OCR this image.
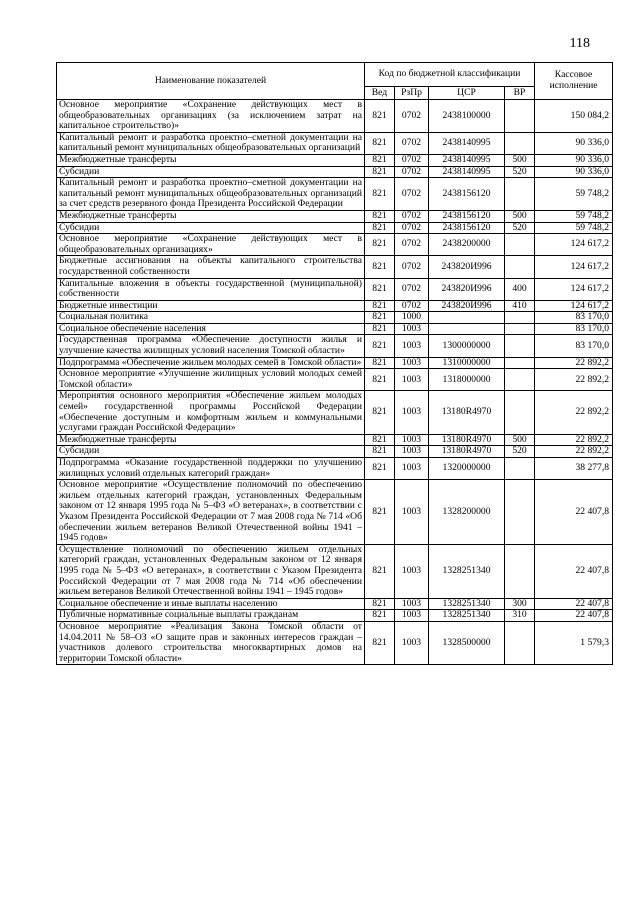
118
Наименование показателей	Код по бюджетной классификации				Кассовое исполнение
	Вед	РзПр	ЦСР	ВР	
Основное мероприятие «Сохранение действующих мест в общеобразовательных организациях (за исключением затрат на капитальное строительство)»	821	0702	2438100000		150 084,2
Капитальный ремонт и разработка проектно–сметной документации на капитальный ремонт муниципальных общеобразовательных организаций	821	0702	2438140995		90 336,0
Межбюджетные трансферты	821	0702	2438140995	500	90 336,0
Субсидии	821	0702	2438140995	520	90 336,0
Капитальный ремонт и разработка проектно–сметной документации на капитальный ремонт муниципальных общеобразовательных организаций за счет средств резервного фонда Президента Российской Федерации	821	0702	2438156120		59 748,2
Межбюджетные трансферты	821	0702	2438156120	500	59 748,2
Субсидии	821	0702	2438156120	520	59 748,2
Основное мероприятие «Сохранение действующих мест в общеобразовательных организациях»	821	0702	2438200000		124 617,2
Бюджетные ассигнования на объекты капитального строительства государственной собственности	821	0702	243820И996		124 617,2
Капитальные вложения в объекты государственной (муниципальной) собственности	821	0702	243820И996	400	124 617,2
Бюджетные инвестиции	821	0702	243820И996	410	124 617,2
Социальная политика	821	1000			83 170,0
Социальное обеспечение населения	821	1003			83 170,0
Государственная программа «Обеспечение доступности жилья и улучшение качества жилищных условий населения Томской области»	821	1003	1300000000		83 170,0
Подпрограмма «Обеспечение жильем молодых семей в Томской области»	821	1003	1310000000		22 892,2
Основное мероприятие «Улучшение жилищных условий молодых семей Томской области»	821	1003	1318000000		22 892,2
Мероприятия основного мероприятия «Обеспечение жильем молодых семей» государственной программы Российской Федерации «Обеспечение доступным и комфортным жильем и коммунальными услугами граждан Российской Федерации»	821	1003	13180R4970		22 892,2
Межбюджетные трансферты	821	1003	13180R4970	500	22 892,2
Субсидии	821	1003	13180R4970	520	22 892,2
Подпрограмма «Оказание государственной поддержки по улучшению жилищных условий отдельных категорий граждан»	821	1003	1320000000		38 277,8
Основное мероприятие «Осуществление полномочий по обеспечению жильем отдельных категорий граждан, установленных Федеральным законом от 12 января 1995 года № 5–ФЗ «О ветеранах», в соответствии с Указом Президента Российской Федерации от 7 мая 2008 года № 714 «Об обеспечении жильем ветеранов Великой Отечественной войны 1941 – 1945 годов»	821	1003	1328200000		22 407,8
Осуществление полномочий по обеспечению жильем отдельных категорий граждан, установленных Федеральным законом от 12 января 1995 года № 5–ФЗ «О ветеранах», в соответствии с Указом Президента Российской Федерации от 7 мая 2008 года № 714 «Об обеспечении жильем ветеранов Великой Отечественной войны 1941 – 1945 годов»	821	1003	1328251340		22 407,8
Социальное обеспечение и иные выплаты населению	821	1003	1328251340	300	22 407,8
Публичные нормативные социальные выплаты гражданам	821	1003	1328251340	310	22 407,8
Основное мероприятие «Реализация Закона Томской области от 14.04.2011 № 58–ОЗ «О защите прав и законных интересов граждан – участников долевого строительства многоквартирных домов на территории Томской области»	821	1003	1328500000		1 579,3
